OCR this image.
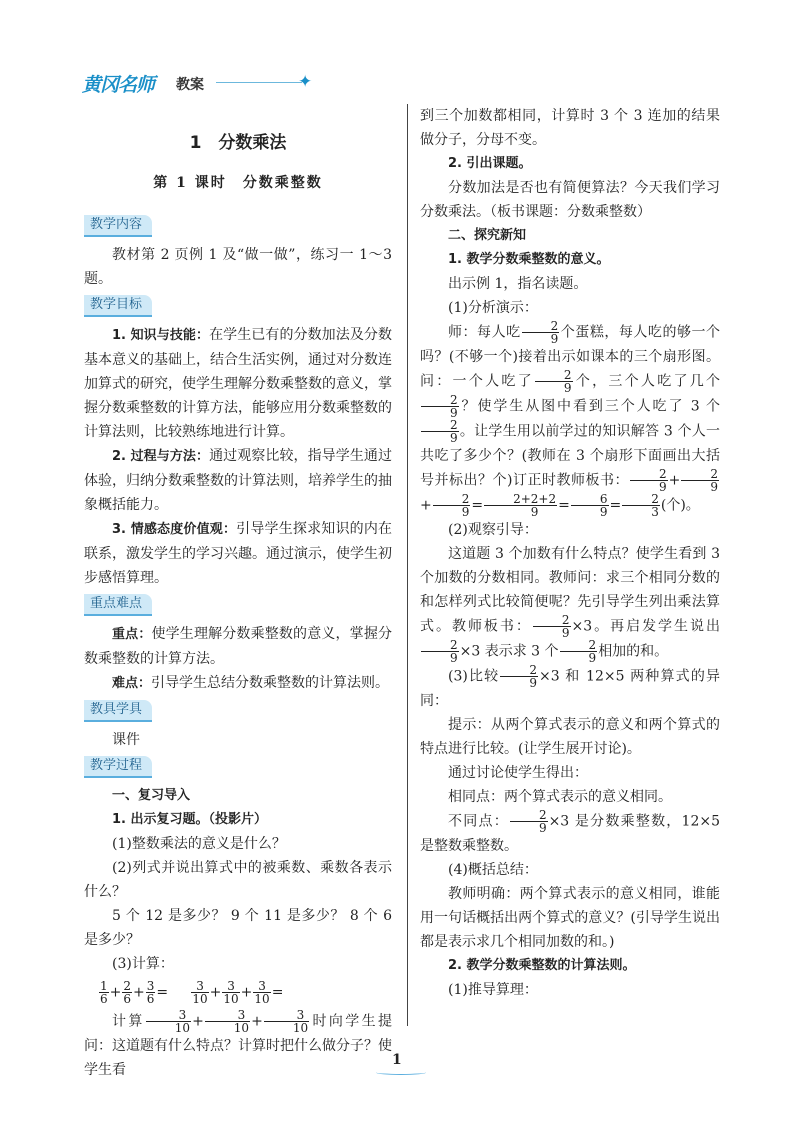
黄冈名师 教案	✦
1　分数乘法
第 1 课时　分数乘整数
教学内容

教材第 2 页例 1 及“做一做”，练习一 1～3 题。

教学目标

1. 知识与技能：在学生已有的分数加法及分数基本意义的基础上，结合生活实例，通过对分数连加算式的研究，使学生理解分数乘整数的意义，掌握分数乘整数的计算方法，能够应用分数乘整数的计算法则，比较熟练地进行计算。

2. 过程与方法：通过观察比较，指导学生通过体验，归纳分数乘整数的计算法则，培养学生的抽象概括能力。

3. 情感态度价值观：引导学生探求知识的内在联系，激发学生的学习兴趣。通过演示，使学生初步感悟算理。

重点难点

重点：使学生理解分数乘整数的意义，掌握分数乘整数的计算方法。

难点：引导学生总结分数乘整数的计算法则。

教具学具

课件

教学过程

一、复习导入

1. 出示复习题。（投影片）

(1)整数乘法的意义是什么？

(2)列式并说出算式中的被乘数、乘数各表示什么？

5 个 12 是多少？ 9 个 11 是多少？ 8 个 6 是多少？

(3)计算：

$\frac{1}{6} + \frac{2}{6} + \frac{3}{6} = \frac{3}{10} + \frac{3}{10} + \frac{3}{10}$ =

计算 $\frac{3}{10} + \frac{3}{10} + \frac{3}{10}$ 时向学生提问：这道题有什么特点？计算时把什么做分子？使学生看

到三个加数都相同，计算时 3 个 3 连加的结果做分子，分母不变。

2. 引出课题。

分数加法是否也有简便算法？今天我们学习分数乘法。（板书课题：分数乘整数）

二、探究新知

1. 教学分数乘整数的意义。

出示例 1，指名读题。

(1)分析演示：

师：每人吃 $\frac{2}{9}$ 个蛋糕，每人吃的够一个吗？(不够一个)接着出示如课本的三个扇形图。问：一个人吃了 $\frac{2}{9}$ 个，三个人吃了几个
$\frac{2}{9}$ ？使学生从图中看到三个人吃了 3 个
$\frac{2}{9}$ 。让学生用以前学过的知识解答 3 个人一共吃了多少个？(教师在 3 个扇形下面画出大括号并标出？个)订正时教师板书： $\frac{2}{9} + \frac{2}{9}$
+ $\frac{2}{9} = \frac{2+2+2}{9} = \frac{6}{9} = \frac{2}{3}$ (个)。

(2)观察引导：

这道题 3 个加数有什么特点？使学生看到 3 个加数的分数相同。教师问：求三个相同分数的和怎样列式比较简便呢？先引导学生列出乘法算式。教师板书： $\frac{2}{9} \times 3$。再启发学生说出
$\frac{2}{9} \times 3$ 表示求 3 个 $\frac{2}{9}$ 相加的和。

(3)比较 $\frac{2}{9} \times 3$ 和 12×5 两种算式的异同：

提示：从两个算式表示的意义和两个算式的特点进行比较。(让学生展开讨论)。

通过讨论使学生得出：

相同点：两个算式表示的意义相同。

不同点： $\frac{2}{9} \times 3$ 是分数乘整数，12×5 是整数乘整数。

(4)概括总结：

教师明确：两个算式表示的意义相同，谁能用一句话概括出两个算式的意义？(引导学生说出都是表示求几个相同加数的和。)

2. 教学分数乘整数的计算法则。

(1)推导算理：

1
